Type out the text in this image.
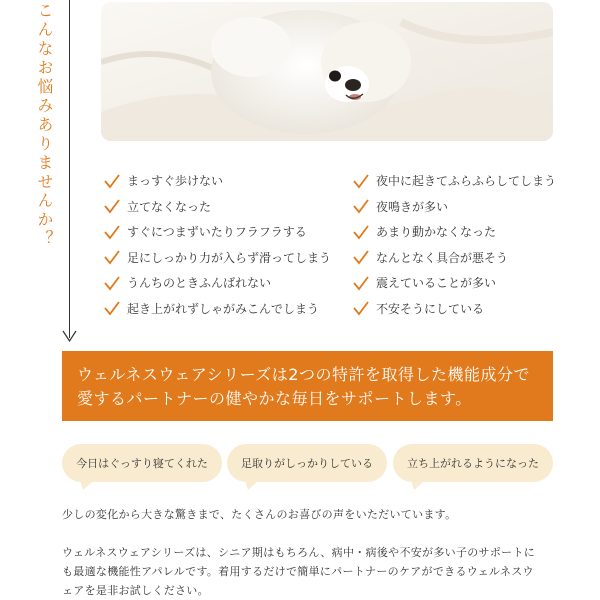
こんなお悩みありませんか？	まっすぐ歩けない
立てなくなった
すぐにつまずいたりフラフラする
足にしっかり力が入らず滑ってしまう
うんちのときふんばれない
起き上がれずしゃがみこんでしまう
夜中に起きてふらふらしてしまう
夜鳴きが多い
あまり動かなくなった
なんとなく具合が悪そう
震えていることが多い
不安そうにしている
ウェルネスウェアシリーズは2つの特許を取得した機能成分で
愛するパートナーの健やかな毎日をサポートします。
今日はぐっすり寝てくれた	足取りがしっかりしている	立ち上がれるようになった

少しの変化から大きな驚きまで、たくさんのお喜びの声をいただいています。

ウェルネスウェアシリーズは、シニア期はもちろん、病中・病後や不安が多い子のサポートに
も最適な機能性アパレルです。着用するだけで簡単にパートナーのケアができるウェルネスウ
ェアを是非お試しください。
